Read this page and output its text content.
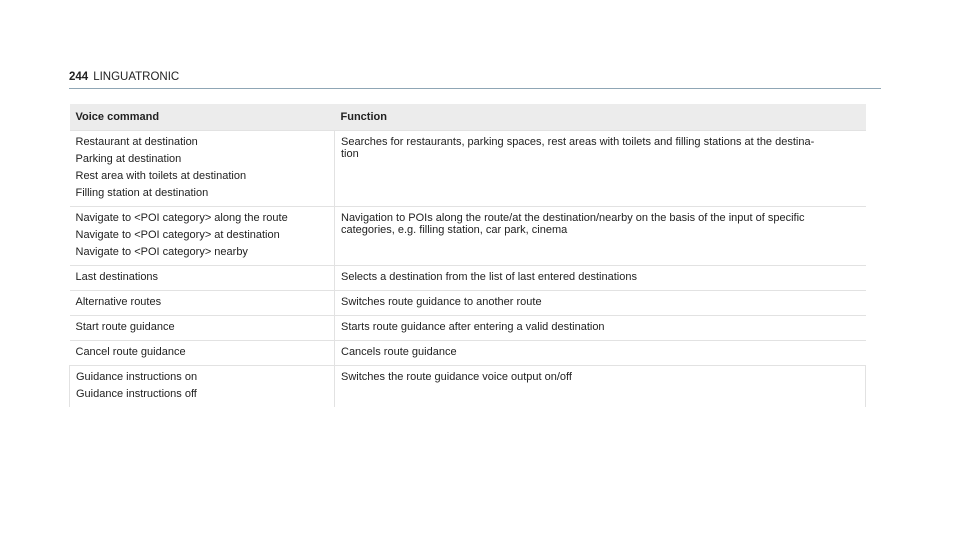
244 LINGUATRONIC
Voice command	Function

Restaurant at destination
Parking at destination
Rest area with toilets at destination
Filling station at destination	Searches for restaurants, parking spaces, rest areas with toilets and filling stations at the destina-
tion

Navigate to <POI category> along the route
Navigate to <POI category> at destination
Navigate to <POI category> nearby	Navigation to POIs along the route/at the destination/nearby on the basis of the input of specific categories, e.g. filling station, car park, cinema

Last destinations	Selects a destination from the list of last entered destinations

Alternative routes	Switches route guidance to another route

Start route guidance	Starts route guidance after entering a valid destination

Cancel route guidance	Cancels route guidance

Guidance instructions on
Guidance instructions off	Switches the route guidance voice output on/off
